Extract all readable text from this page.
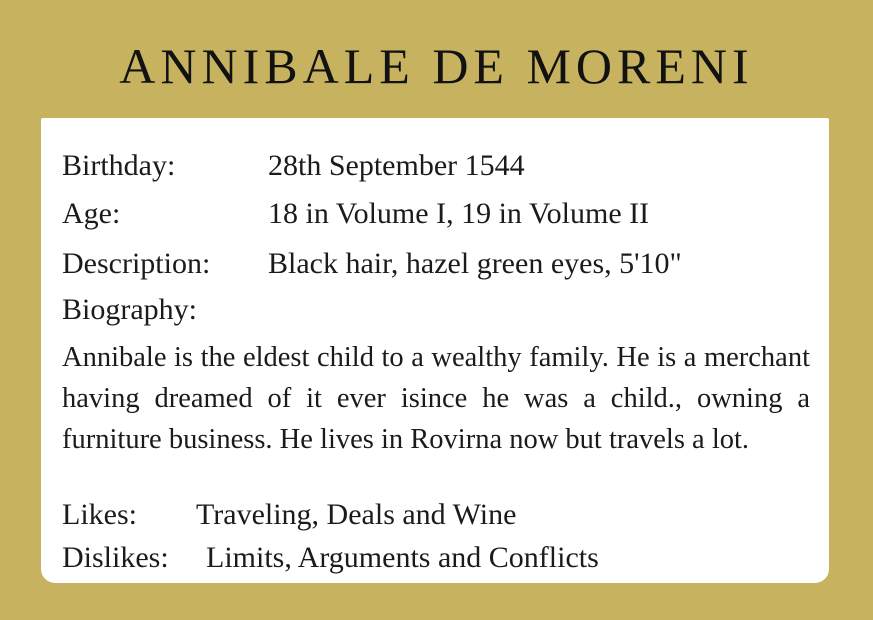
ANNIBALE DE MORENI
Birthday:	28th September 1544
Age:	18 in Volume I, 19 in Volume II
Description: Black hair, hazel green eyes, 5'10"
Biography:
Annibale is the eldest child to a wealthy family. He is a merchant having dreamed of it ever isince he was a child., owning a furniture business. He lives in Rovirna now but travels a lot.
Likes: Traveling, Deals and Wine
Dislikes: Limits, Arguments and Conflicts
